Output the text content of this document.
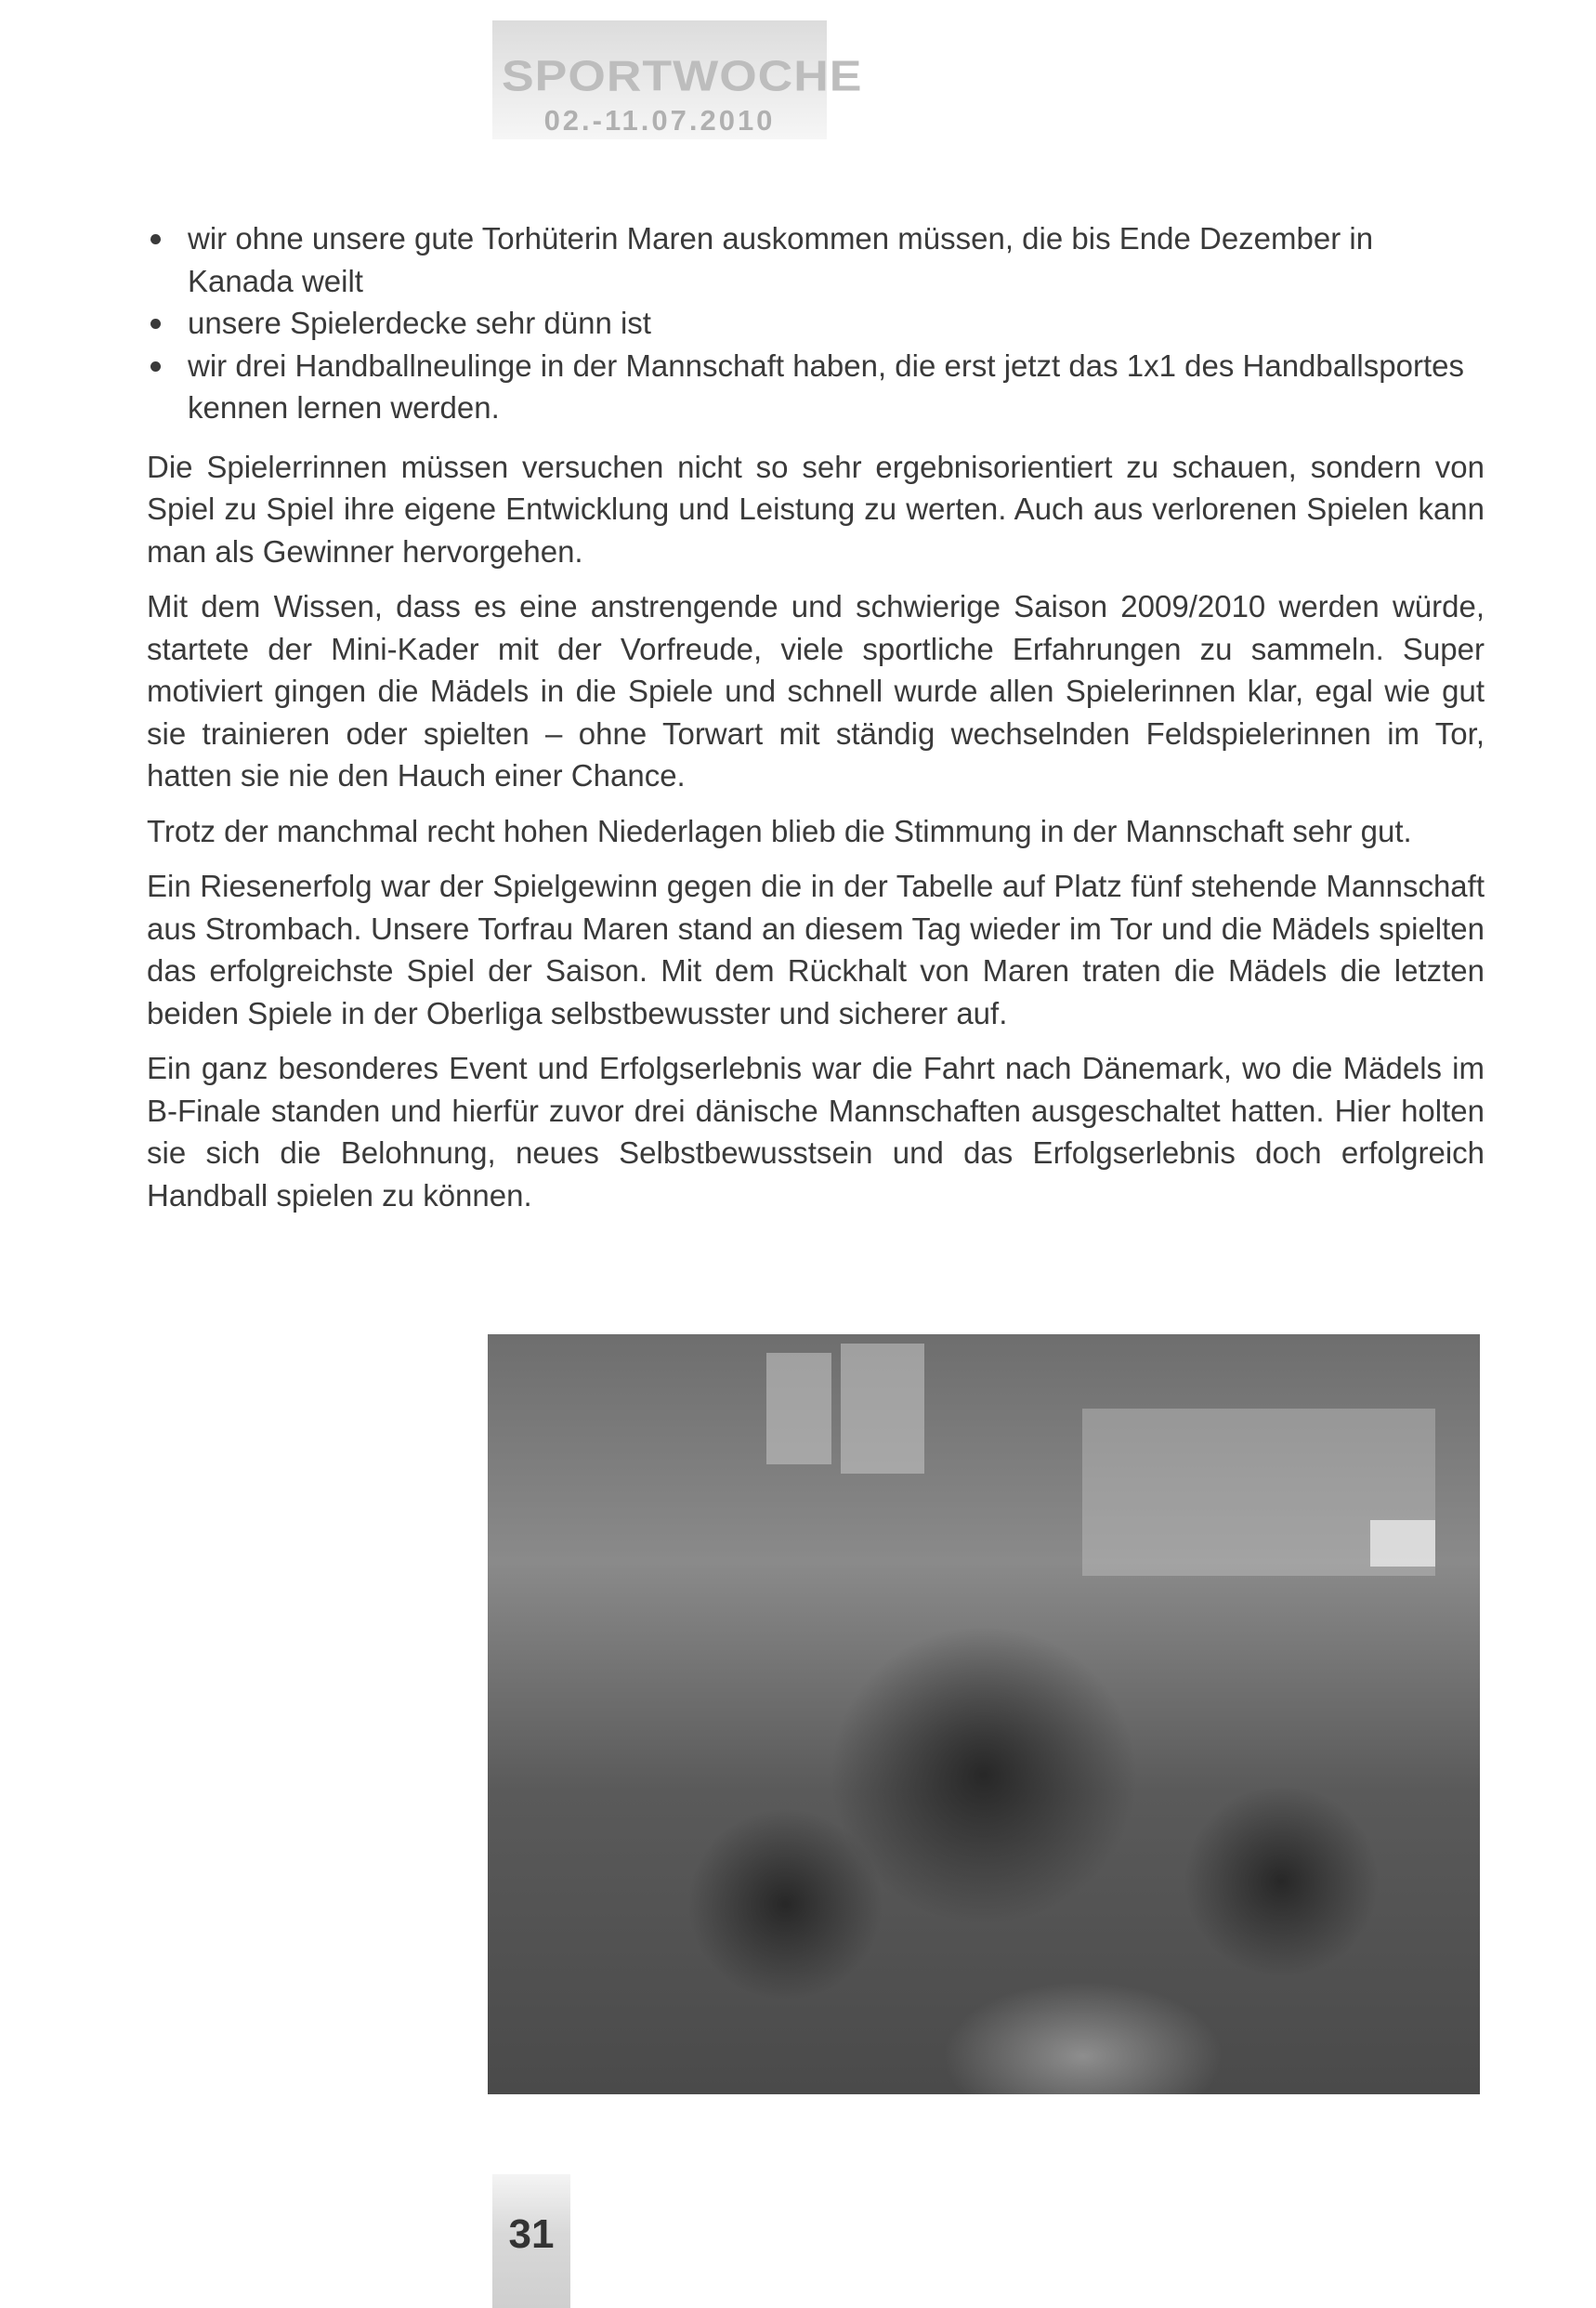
SPORTWOCHE
02.-11.07.2010
wir ohne unsere gute Torhüterin Maren auskommen müssen, die bis Ende Dezember in Kanada weilt
unsere Spielerdecke sehr dünn ist
wir drei Handballneulinge in der Mannschaft haben, die erst jetzt das 1x1 des Handballsportes kennen lernen werden.

Die Spielerrinnen müssen versuchen nicht so sehr ergebnisorientiert zu schauen, sondern von Spiel zu Spiel ihre eigene Entwicklung und Leistung zu werten. Auch aus verlorenen Spielen kann man als Gewinner hervorgehen.

Mit dem Wissen, dass es eine anstrengende und schwierige Saison 2009/2010 werden würde, startete der Mini-Kader mit der Vorfreude, viele sportliche Erfahrungen zu sammeln. Super motiviert gingen die Mädels in die Spiele und schnell wurde allen Spielerinnen klar, egal wie gut sie trainieren oder spielten – ohne Torwart mit ständig wechselnden Feldspielerinnen im Tor, hatten sie nie den Hauch einer Chance.

Trotz der manchmal recht hohen Niederlagen blieb die Stimmung in der Mannschaft sehr gut.

Ein Riesenerfolg war der Spielgewinn gegen die in der Tabelle auf Platz fünf stehende Mannschaft aus Strombach. Unsere Torfrau Maren stand an diesem Tag wieder im Tor und die Mädels spielten das erfolgreichste Spiel der Saison. Mit dem Rückhalt von Maren traten die Mädels die letzten beiden Spiele in der Oberliga selbstbewusster und sicherer auf.

Ein ganz besonderes Event und Erfolgserlebnis war die Fahrt nach Dänemark, wo die Mädels im B-Finale standen und hierfür zuvor drei dänische Mannschaften ausgeschaltet hatten. Hier holten sie sich die Belohnung, neues Selbstbewusstsein und das Erfolgserlebnis doch erfolgreich Handball spielen zu können.

31
